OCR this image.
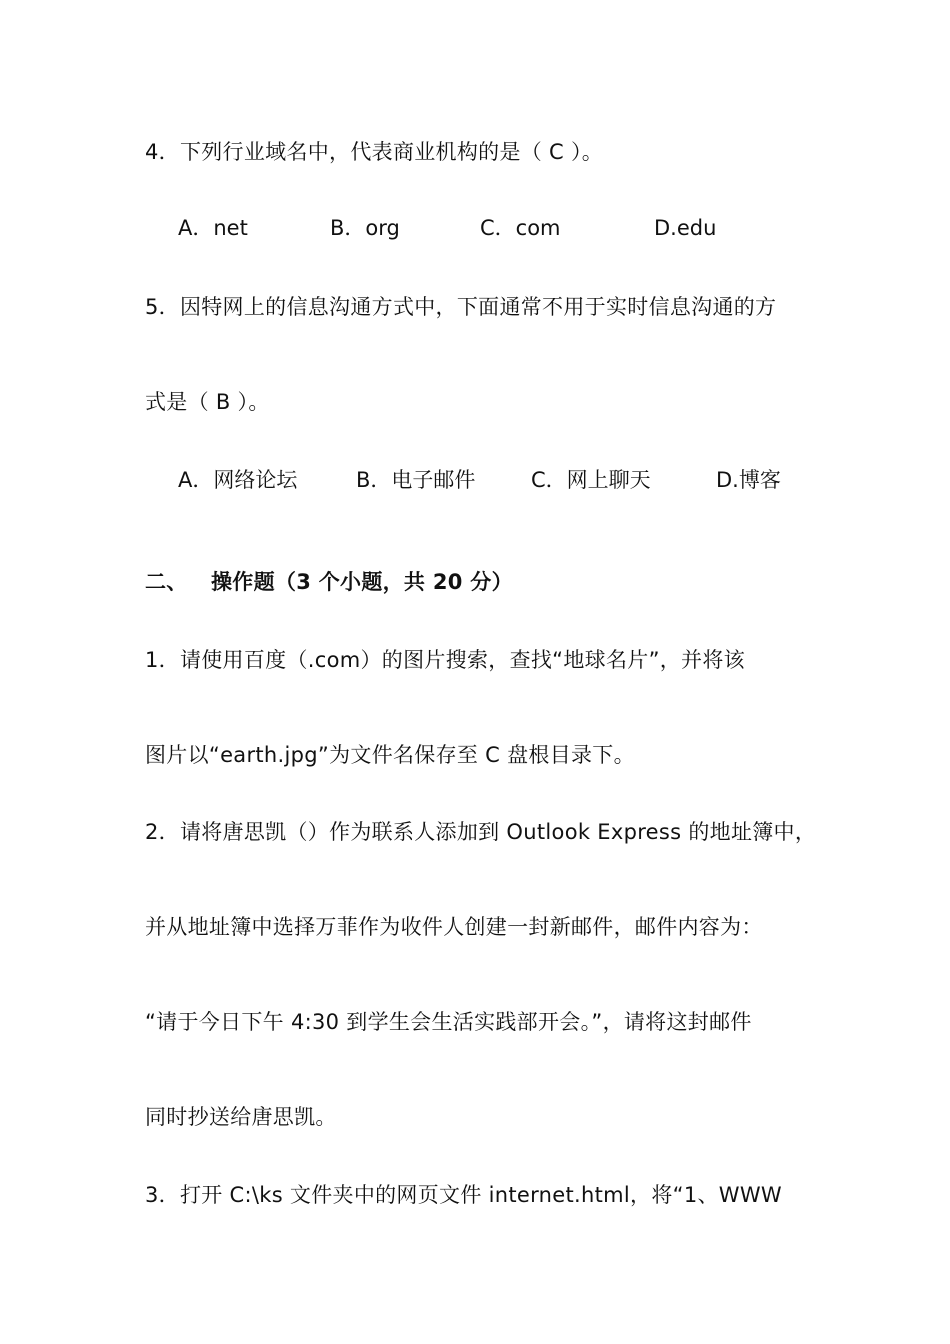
4．下列行业域名中，代表商业机构的是（ C ）。
A．net	B．org	C．com	D.edu
5．因特网上的信息沟通方式中，下面通常不用于实时信息沟通的方
式是（ B ）。
A．网络论坛	B．电子邮件	C．网上聊天	D.博客
二、 操作题（3 个小题，共 20 分）
1．请使用百度（.com）的图片搜索，查找“地球名片”，并将该
图片以“earth.jpg”为文件名保存至 C 盘根目录下。
2．请将唐思凯（）作为联系人添加到 Outlook Express 的地址簿中，
并从地址簿中选择万菲作为收件人创建一封新邮件，邮件内容为：
“请于今日下午 4:30 到学生会生活实践部开会。”，请将这封邮件
同时抄送给唐思凯。
3．打开 C:\ks 文件夹中的网页文件 internet.html，将“1、WWW
